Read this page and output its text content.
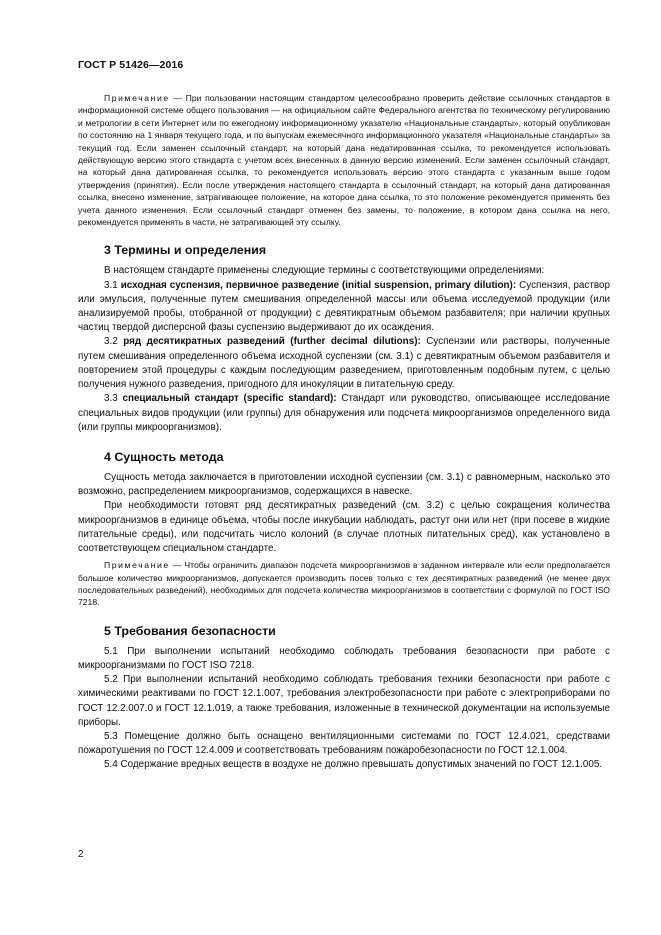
ГОСТ Р 51426—2016

Примечание — При пользовании настоящим стандартом целесообразно проверить действие ссылочных стандартов в информационной системе общего пользования — на официальном сайте Федерального агентства по техническому регулированию и метрологии в сети Интернет или по ежегодному информационному указателю «Национальные стандарты», который опубликован по состоянию на 1 января текущего года, и по выпускам ежемесячного информационного указателя «Национальные стандарты» за текущий год. Если заменен ссылочный стандарт, на который дана недатированная ссылка, то рекомендуется использовать действующую версию этого стандарта с учетом всех внесенных в данную версию изменений. Если заменен ссылочный стандарт, на который дана датированная ссылка, то рекомендуется использовать версию этого стандарта с указанным выше годом утверждения (принятия). Если после утверждения настоящего стандарта в ссылочный стандарт, на который дана датированная ссылка, внесено изменение, затрагивающее положение, на которое дана ссылка, то это положение рекомендуется применять без учета данного изменения. Если ссылочный стандарт отменен без замены, то положение, в котором дана ссылка на него, рекомендуется применять в части, не затрагивающей эту ссылку.

3 Термины и определения

В настоящем стандарте применены следующие термины с соответствующими определениями:

3.1 исходная суспензия, первичное разведение (initial suspension, primary dilution): Суспензия, раствор или эмульсия, полученные путем смешивания определенной массы или объема исследуемой продукции (или анализируемой пробы, отобранной от продукции) с девятикратным объемом разбавителя; при наличии крупных частиц твердой дисперсной фазы суспензию выдерживают до их осаждения.

3.2 ряд десятикратных разведений (further decimal dilutions): Суспензии или растворы, полученные путем смешивания определенного объема исходной суспензии (см. 3.1) с девятикратным объемом разбавителя и повторением этой процедуры с каждым последующим разведением, приготовленным подобным путем, с целью получения нужного разведения, пригодного для инокуляции в питательную среду.

3.3 специальный стандарт (specific standard): Стандарт или руководство, описывающее исследование специальных видов продукции (или группы) для обнаружения или подсчета микроорганизмов определенного вида (или группы микроорганизмов).

4 Сущность метода

Сущность метода заключается в приготовлении исходной суспензии (см. 3.1) с равномерным, насколько это возможно, распределением микроорганизмов, содержащихся в навеске.

При необходимости готовят ряд десятикратных разведений (см. 3.2) с целью сокращения количества микроорганизмов в единице объема, чтобы после инкубации наблюдать, растут они или нет (при посеве в жидкие питательные среды), или подсчитать число колоний (в случае плотных питательных сред), как установлено в соответствующем специальном стандарте.

Примечание — Чтобы ограничить диапазон подсчета микроорганизмов в заданном интервале или если предполагается большое количество микроорганизмов, допускается производить посев только с тех десятикратных разведений (не менее двух последовательных разведений), необходимых для подсчета количества микроорганизмов в соответствии с формулой по ГОСТ ISO 7218.

5 Требования безопасности

5.1 При выполнении испытаний необходимо соблюдать требования безопасности при работе с микроорганизмами по ГОСТ ISO 7218.

5.2 При выполнении испытаний необходимо соблюдать требования техники безопасности при работе с химическими реактивами по ГОСТ 12.1.007, требования электробезопасности при работе с электроприборами по ГОСТ 12.2.007.0 и ГОСТ 12.1.019, а также требования, изложенные в технической документации на используемые приборы.

5.3 Помещение должно быть оснащено вентиляционными системами по ГОСТ 12.4.021, средствами пожаротушения по ГОСТ 12.4.009 и соответствовать требованиям пожаробезопасности по ГОСТ 12.1.004.

5.4 Содержание вредных веществ в воздухе не должно превышать допустимых значений по ГОСТ 12.1.005.

2
